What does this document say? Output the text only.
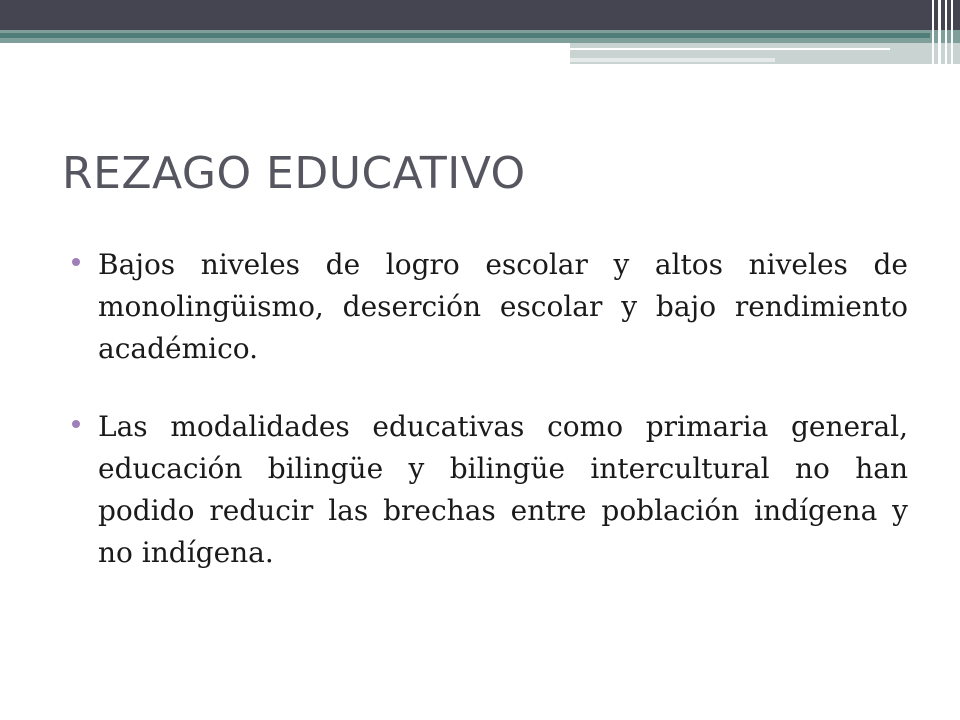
REZAGO EDUCATIVO
Bajos niveles de logro escolar y altos niveles de monolingüismo, deserción escolar y bajo rendimiento académico.
Las modalidades educativas como primaria general, educación bilingüe y bilingüe intercultural no han podido reducir las brechas entre población indígena y no indígena.
